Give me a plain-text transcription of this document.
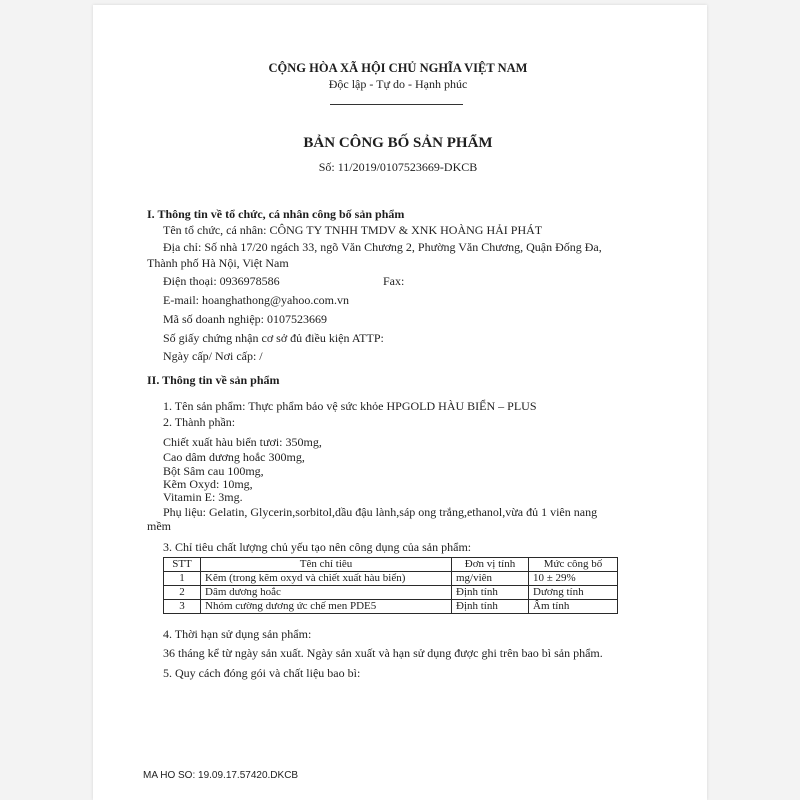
CỘNG HÒA XÃ HỘI CHỦ NGHĨA VIỆT NAM
Độc lập - Tự do - Hạnh phúc
BẢN CÔNG BỐ SẢN PHẨM
Số: 11/2019/0107523669-DKCB
I. Thông tin về tổ chức, cá nhân công bố sản phẩm
Tên tổ chức, cá nhân: CÔNG TY TNHH TMDV & XNK HOÀNG HẢI PHÁT
Địa chỉ: Số nhà 17/20 ngách 33, ngõ Văn Chương 2, Phường Văn Chương, Quận Đống Đa,
Thành phố Hà Nội, Việt Nam
Điện thoại: 0936978586	Fax:
E-mail: hoanghathong@yahoo.com.vn
Mã số doanh nghiệp: 0107523669
Số giấy chứng nhận cơ sở đủ điều kiện ATTP:
Ngày cấp/ Nơi cấp: /
II. Thông tin về sản phẩm
1. Tên sản phẩm: Thực phẩm bảo vệ sức khỏe HPGOLD HÀU BIỂN – PLUS
2. Thành phần:
Chiết xuất hàu biển tươi: 350mg,
Cao dâm dương hoắc 300mg,
Bột Sâm cau 100mg,
Kẽm Oxyd: 10mg,
Vitamin E: 3mg.
Phụ liệu: Gelatin, Glycerin,sorbitol,dầu đậu lành,sáp ong trắng,ethanol,vừa đủ 1 viên nang
mềm
3. Chỉ tiêu chất lượng chủ yếu tạo nên công dụng của sản phẩm:
STT	Tên chỉ tiêu	Đơn vị tính	Mức công bố
1	Kẽm (trong kẽm oxyd và chiết xuất hàu biển)	mg/viên	10 ± 29%
2	Dâm dương hoắc	Định tính	Dương tính
3	Nhóm cường dương ức chế men PDE5	Định tính	Âm tính
4. Thời hạn sử dụng sản phẩm:
36 tháng kể từ ngày sản xuất. Ngày sản xuất và hạn sử dụng được ghi trên bao bì sản phẩm.
5. Quy cách đóng gói và chất liệu bao bì:
MA HO SO: 19.09.17.57420.DKCB
